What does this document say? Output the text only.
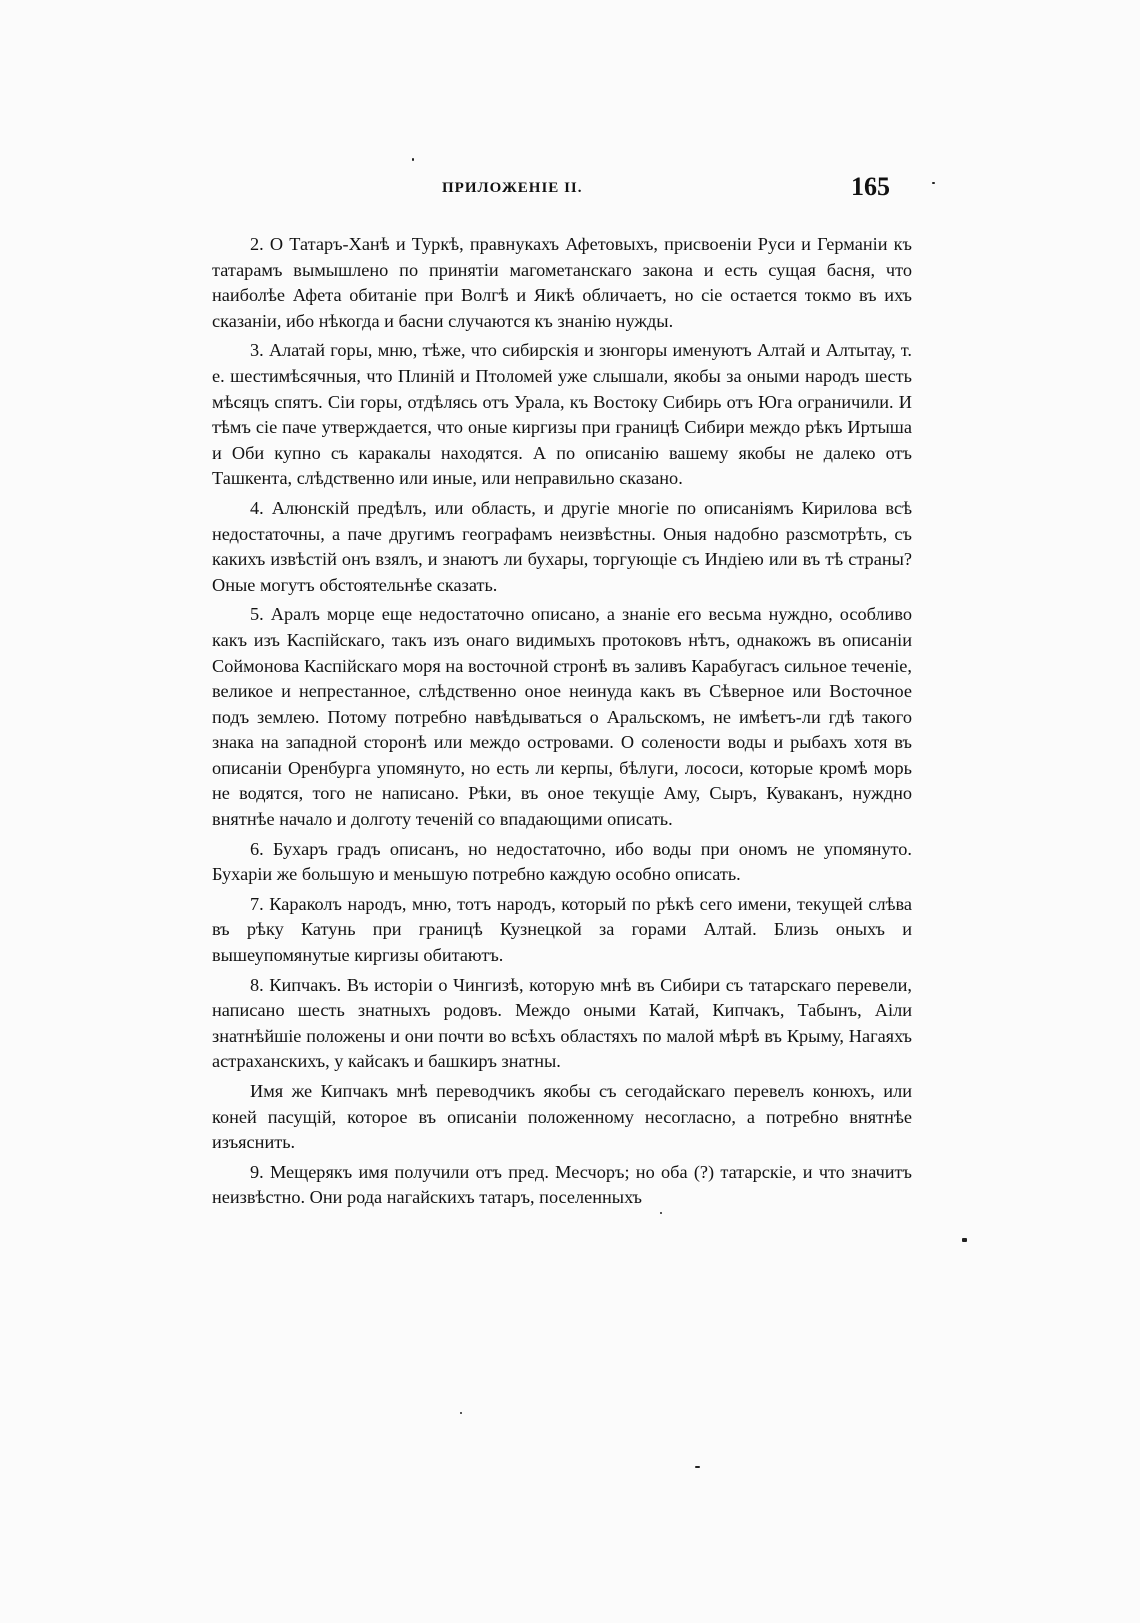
ПРИЛОЖЕНІЕ II.	165

2. О Татаръ-Ханѣ и Туркѣ, правнукахъ Афетовыхъ, присвоеніи Руси и Германіи къ татарамъ вымышлено по принятіи магометанскаго закона и есть сущая басня, что наиболѣе Афета обитаніе при Волгѣ и Яикѣ обличаетъ, но сіе остается токмо въ ихъ сказаніи, ибо нѣкогда и басни случаются къ знанію нужды.

3. Алатай горы, мню, тѣже, что сибирскія и зюнгоры именуютъ Алтай и Алтытау, т. е. шестимѣсячныя, что Плиній и Птоломей уже слышали, якобы за оными народъ шесть мѣсяцъ спятъ. Сіи горы, отдѣлясь отъ Урала, къ Востоку Сибирь отъ Юга ограничили. И тѣмъ сіе паче утверждается, что оные киргизы при границѣ Сибири междо рѣкъ Иртыша и Оби купно съ каракалы находятся. А по описанію вашему якобы не далеко отъ Ташкента, слѣдственно или иные, или неправильно сказано.

4. Алюнскій предѣлъ, или область, и другіе многіе по описаніямъ Кирилова всѣ недостаточны, а паче другимъ географамъ неизвѣстны. Оныя надобно разсмотрѣть, съ какихъ извѣстій онъ взялъ, и знаютъ ли бухары, торгующіе съ Индіею или въ тѣ страны? Оные могутъ обстоятельнѣе сказать.

5. Аралъ морце еще недостаточно описано, а знаніе его весьма нуждно, особливо какъ изъ Каспійскаго, такъ изъ онаго видимыхъ протоковъ нѣтъ, однакожъ въ описаніи Соймонова Каспійскаго моря на восточной стронѣ въ заливъ Карабугасъ сильное теченіе, великое и непрестанное, слѣдственно оное неинуда какъ въ Сѣверное или Восточное подъ землею. Потому потребно навѣдываться о Аральскомъ, не имѣетъ-ли гдѣ такого знака на западной сторонѣ или междо островами. О солености воды и рыбахъ хотя въ описаніи Оренбурга упомянуто, но есть ли керпы, бѣлуги, лососи, которые кромѣ морь не водятся, того не написано. Рѣки, въ оное текущіе Аму, Сыръ, Куваканъ, нуждно внятнѣе начало и долготу теченій со впадающими описать.

6. Бухаръ градъ описанъ, но недостаточно, ибо воды при ономъ не упомянуто. Бухаріи же большую и меньшую потребно каждую особно описать.

7. Караколъ народъ, мню, тотъ народъ, который по рѣкѣ сего имени, текущей слѣва въ рѣку Катунь при границѣ Кузнецкой за горами Алтай. Близь оныхъ и вышеупомянутые киргизы обитаютъ.

8. Кипчакъ. Въ исторіи о Чингизѣ, которую мнѣ въ Сибири съ татарскаго перевели, написано шесть знатныхъ родовъ. Междо оными Катай, Кипчакъ, Табынъ, Аіли знатнѣйшіе положены и они почти во всѣхъ областяхъ по малой мѣрѣ въ Крыму, Нагаяхъ астраханскихъ, у кайсакъ и башкиръ знатны.

Имя же Кипчакъ мнѣ переводчикъ якобы съ сегодайскаго перевелъ конюхъ, или коней пасущій, которое въ описаніи положенному несогласно, а потребно внятнѣе изъяснить.

9. Мещерякъ имя получили отъ пред. Месчоръ; но оба (?) татарскіе, и что значитъ неизвѣстно. Они рода нагайскихъ татаръ, поселенныхъ
